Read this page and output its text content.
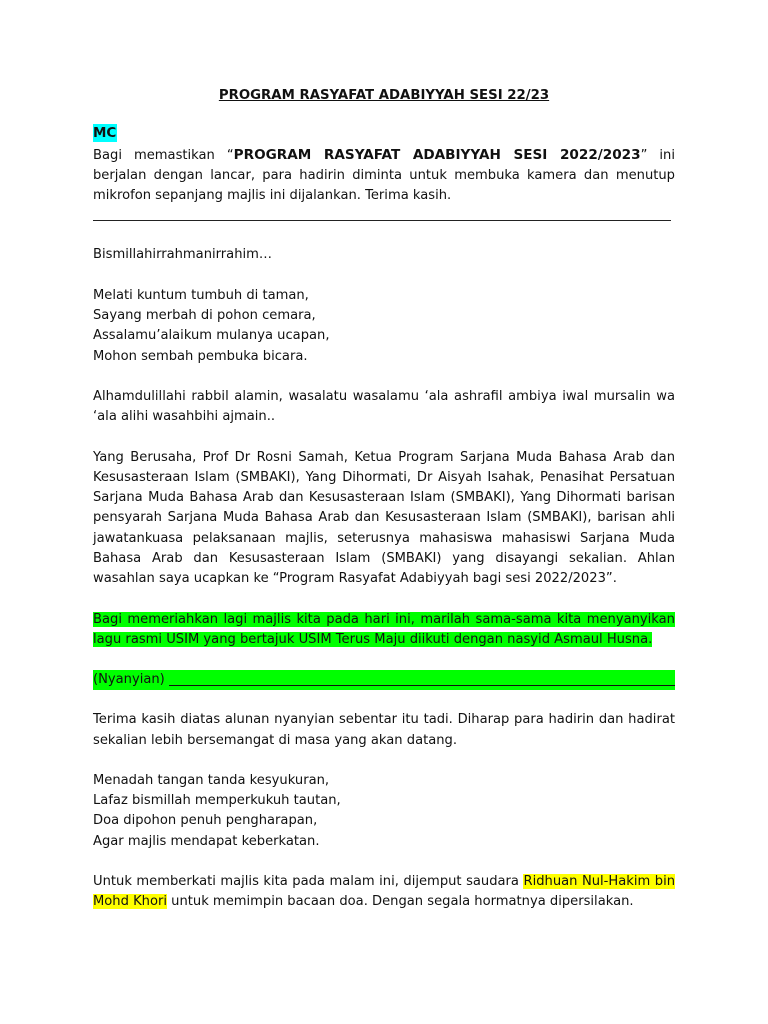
PROGRAM RASYAFAT ADABIYYAH SESI 22/23
MC

Bagi memastikan “PROGRAM RASYAFAT ADABIYYAH SESI 2022/2023” ini berjalan dengan lancar, para hadirin diminta untuk membuka kamera dan menutup mikrofon sepanjang majlis ini dijalankan. Terima kasih.

Bismillahirrahmanirrahim…

Melati kuntum tumbuh di taman,
Sayang merbah di pohon cemara,
Assalamu’alaikum mulanya ucapan,
Mohon sembah pembuka bicara.

Alhamdulillahi rabbil alamin, wasalatu wasalamu ‘ala ashrafil ambiya iwal mursalin wa ‘ala alihi wasahbihi ajmain..

Yang Berusaha, Prof Dr Rosni Samah, Ketua Program Sarjana Muda Bahasa Arab dan Kesusasteraan Islam (SMBAKI), Yang Dihormati, Dr Aisyah Isahak, Penasihat Persatuan Sarjana Muda Bahasa Arab dan Kesusasteraan Islam (SMBAKI), Yang Dihormati barisan pensyarah Sarjana Muda Bahasa Arab dan Kesusasteraan Islam (SMBAKI), barisan ahli jawatankuasa pelaksanaan majlis, seterusnya mahasiswa mahasiswi Sarjana Muda Bahasa Arab dan Kesusasteraan Islam (SMBAKI) yang disayangi sekalian. Ahlan wasahlan saya ucapkan ke “Program Rasyafat Adabiyyah bagi sesi 2022/2023”.

Bagi memeriahkan lagi majlis kita pada hari ini, marilah sama-sama kita menyanyikan lagu rasmi USIM yang bertajuk USIM Terus Maju diikuti dengan nasyid Asmaul Husna.

(Nyanyian)

Terima kasih diatas alunan nyanyian sebentar itu tadi. Diharap para hadirin dan hadirat sekalian lebih bersemangat di masa yang akan datang.

Menadah tangan tanda kesyukuran,
Lafaz bismillah memperkukuh tautan,
Doa dipohon penuh pengharapan,
Agar majlis mendapat keberkatan.

Untuk memberkati majlis kita pada malam ini, dijemput saudara Ridhuan Nul-Hakim bin Mohd Khori untuk memimpin bacaan doa. Dengan segala hormatnya dipersilakan.
